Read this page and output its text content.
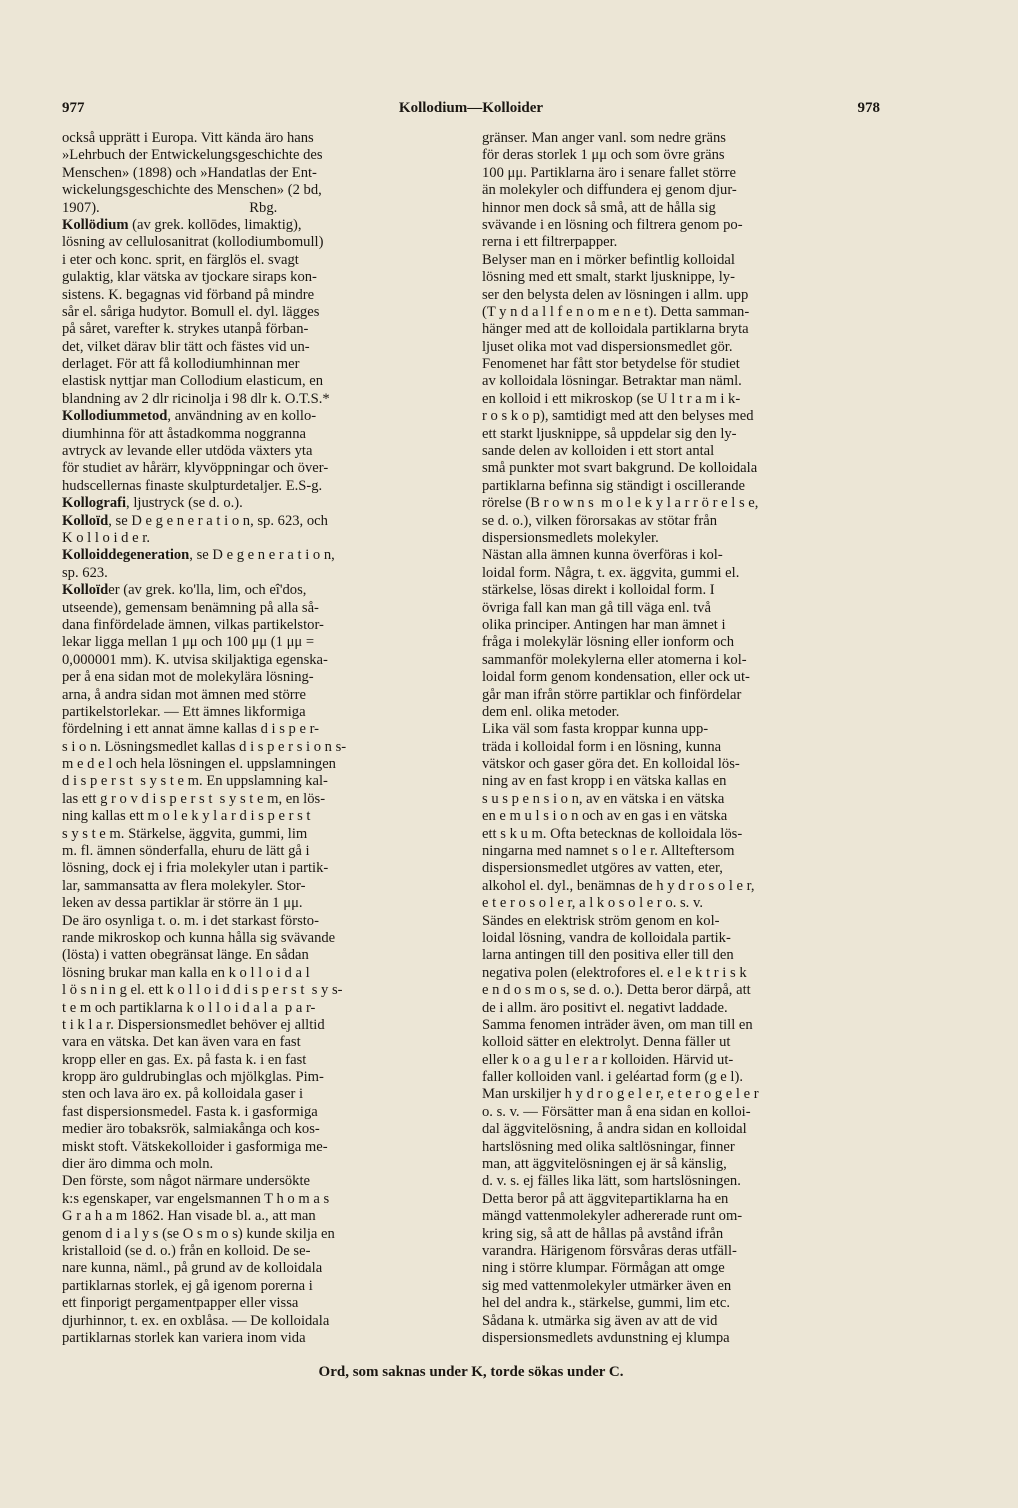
977	Kollodium—Kolloider	978
också upprätt i Europa. Vitt kända äro hans
»Lehrbuch der Entwickelungsgeschichte des
Menschen» (1898) och »Handatlas der Ent-
wickelungsgeschichte des Menschen» (2 bd,
1907).                                         Rbg.
Kollödium (av grek. kollōdes, limaktig),
lösning av cellulosanitrat (kollodiumbomull)
i eter och konc. sprit, en färglös el. svagt
gulaktig, klar vätska av tjockare siraps kon-
sistens. K. begagnas vid förband på mindre
sår el. såriga hudytor. Bomull el. dyl. lägges
på såret, varefter k. strykes utanpå förban-
det, vilket därav blir tätt och fästes vid un-
derlaget. För att få kollodiumhinnan mer
elastisk nyttjar man Collodium elasticum, en
blandning av 2 dlr ricinolja i 98 dlr k. O.T.S.*
Kollodiummetod, användning av en kollo-
diumhinna för att åstadkomma noggranna
avtryck av levande eller utdöda växters yta
för studiet av hårärr, klyvöppningar och över-
hudscellernas finaste skulpturdetaljer. E.S-g.
Kollografi, ljustryck (se d. o.).
Kolloïd, se D e g e n e r a t i o n, sp. 623, och
K o l l o i d e r.
Kolloiddegeneration, se D e g e n e r a t i o n,
sp. 623.
Kolloïder (av grek. ko'lla, lim, och eî'dos,
utseende), gemensam benämning på alla så-
dana finfördelade ämnen, vilkas partikelstor-
lekar ligga mellan 1 μμ och 100 μμ (1 μμ =
0,000001 mm). K. utvisa skiljaktiga egenska-
per å ena sidan mot de molekylära lösning-
arna, å andra sidan mot ämnen med större
partikelstorlekar. — Ett ämnes likformiga
fördelning i ett annat ämne kallas d i s p e r-
s i o n. Lösningsmedlet kallas d i s p e r s i o n s-
m e d e l och hela lösningen el. uppslamningen
d i s p e r s t  s y s t e m. En uppslamning kal-
las ett g r o v d i s p e r s t  s y s t e m, en lös-
ning kallas ett m o l e k y l a r d i s p e r s t
s y s t e m. Stärkelse, äggvita, gummi, lim
m. fl. ämnen sönderfalla, ehuru de lätt gå i
lösning, dock ej i fria molekyler utan i partik-
lar, sammansatta av flera molekyler. Stor-
leken av dessa partiklar är större än 1 μμ.
De äro osynliga t. o. m. i det starkast försto-
rande mikroskop och kunna hålla sig svävande
(lösta) i vatten obegränsat länge. En sådan
lösning brukar man kalla en k o l l o i d a l
l ö s n i n g el. ett k o l l o i d d i s p e r s t  s y s-
t e m och partiklarna k o l l o i d a l a  p a r-
t i k l a r. Dispersionsmedlet behöver ej alltid
vara en vätska. Det kan även vara en fast
kropp eller en gas. Ex. på fasta k. i en fast
kropp äro guldrubinglas och mjölkglas. Pim-
sten och lava äro ex. på kolloidala gaser i
fast dispersionsmedel. Fasta k. i gasformiga
medier äro tobaksrök, salmiakånga och kos-
miskt stoft. Vätskekolloider i gasformiga me-
dier äro dimma och moln.
Den förste, som något närmare undersökte
k:s egenskaper, var engelsmannen T h o m a s
G r a h a m 1862. Han visade bl. a., att man
genom d i a l y s (se O s m o s) kunde skilja en
kristalloid (se d. o.) från en kolloid. De se-
nare kunna, näml., på grund av de kolloidala
partiklarnas storlek, ej gå igenom porerna i
ett finporigt pergamentpapper eller vissa
djurhinnor, t. ex. en oxblåsa. — De kolloidala
partiklarnas storlek kan variera inom vida
gränser. Man anger vanl. som nedre gräns
för deras storlek 1 μμ och som övre gräns
100 μμ. Partiklarna äro i senare fallet större
än molekyler och diffundera ej genom djur-
hinnor men dock så små, att de hålla sig
svävande i en lösning och filtrera genom po-
rerna i ett filtrerpapper.
Belyser man en i mörker befintlig kolloidal
lösning med ett smalt, starkt ljusknippe, ly-
ser den belysta delen av lösningen i allm. upp
(T y n d a l l f e n o m e n e t). Detta samman-
hänger med att de kolloidala partiklarna bryta
ljuset olika mot vad dispersionsmedlet gör.
Fenomenet har fått stor betydelse för studiet
av kolloidala lösningar. Betraktar man näml.
en kolloid i ett mikroskop (se U l t r a m i k-
r o s k o p), samtidigt med att den belyses med
ett starkt ljusknippe, så uppdelar sig den ly-
sande delen av kolloiden i ett stort antal
små punkter mot svart bakgrund. De kolloidala
partiklarna befinna sig ständigt i oscillerande
rörelse (B r o w n s  m o l e k y l a r r ö r e l s e,
se d. o.), vilken förorsakas av stötar från
dispersionsmedlets molekyler.
Nästan alla ämnen kunna överföras i kol-
loidal form. Några, t. ex. äggvita, gummi el.
stärkelse, lösas direkt i kolloidal form. I
övriga fall kan man gå till väga enl. två
olika principer. Antingen har man ämnet i
fråga i molekylär lösning eller ionform och
sammanför molekylerna eller atomerna i kol-
loidal form genom kondensation, eller ock ut-
går man ifrån större partiklar och finfördelar
dem enl. olika metoder.
Lika väl som fasta kroppar kunna upp-
träda i kolloidal form i en lösning, kunna
vätskor och gaser göra det. En kolloidal lös-
ning av en fast kropp i en vätska kallas en
s u s p e n s i o n, av en vätska i en vätska
en e m u l s i o n och av en gas i en vätska
ett s k u m. Ofta betecknas de kolloidala lös-
ningarna med namnet s o l e r. Allteftersom
dispersionsmedlet utgöres av vatten, eter,
alkohol el. dyl., benämnas de h y d r o s o l e r,
e t e r o s o l e r, a l k o s o l e r o. s. v.
Sändes en elektrisk ström genom en kol-
loidal lösning, vandra de kolloidala partik-
larna antingen till den positiva eller till den
negativa polen (elektrofores el. e l e k t r i s k
e n d o s m o s, se d. o.). Detta beror därpå, att
de i allm. äro positivt el. negativt laddade.
Samma fenomen inträder även, om man till en
kolloid sätter en elektrolyt. Denna fäller ut
eller k o a g u l e r a r kolloiden. Härvid ut-
faller kolloiden vanl. i geléartad form (g e l).
Man urskiljer h y d r o g e l e r, e t e r o g e l e r
o. s. v. — Försätter man å ena sidan en kolloi-
dal äggvitelösning, å andra sidan en kolloidal
hartslösning med olika saltlösningar, finner
man, att äggvitelösningen ej är så känslig,
d. v. s. ej fälles lika lätt, som hartslösningen.
Detta beror på att äggvitepartiklarna ha en
mängd vattenmolekyler adhererade runt om-
kring sig, så att de hållas på avstånd ifrån
varandra. Härigenom försvåras deras utfäll-
ning i större klumpar. Förmågan att omge
sig med vattenmolekyler utmärker även en
hel del andra k., stärkelse, gummi, lim etc.
Sådana k. utmärka sig även av att de vid
dispersionsmedlets avdunstning ej klumpa
Ord, som saknas under K, torde sökas under C.
